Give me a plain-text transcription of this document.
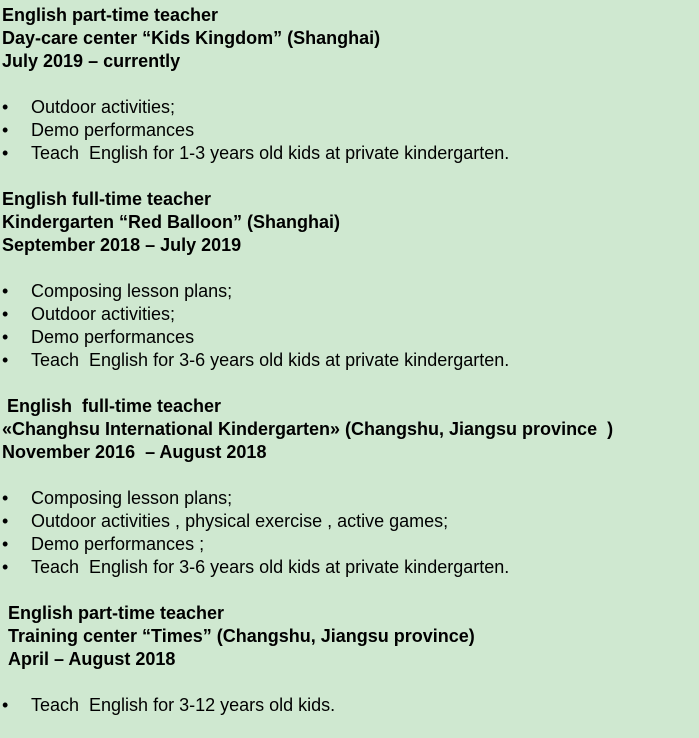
English part-time teacher
Day-care center “Kids Kingdom” (Shanghai)
July 2019 – currently
•	Outdoor activities;
•	Demo performances
•	Teach  English for 1-3 years old kids at private kindergarten.
English full-time teacher
Kindergarten “Red Balloon” (Shanghai)
September 2018 – July 2019
•	Composing lesson plans;
•	Outdoor activities;
•	Demo performances
•	Teach  English for 3-6 years old kids at private kindergarten.
English  full-time teacher
«Changhsu International Kindergarten» (Changshu, Jiangsu province  )
November 2016  – August 2018
•	Composing lesson plans;
•	Outdoor activities , physical exercise , active games;
•	Demo performances ;
•	Teach  English for 3-6 years old kids at private kindergarten.
English part-time teacher
Training center “Times” (Changshu, Jiangsu province)
April – August 2018
•	Teach  English for 3-12 years old kids.
